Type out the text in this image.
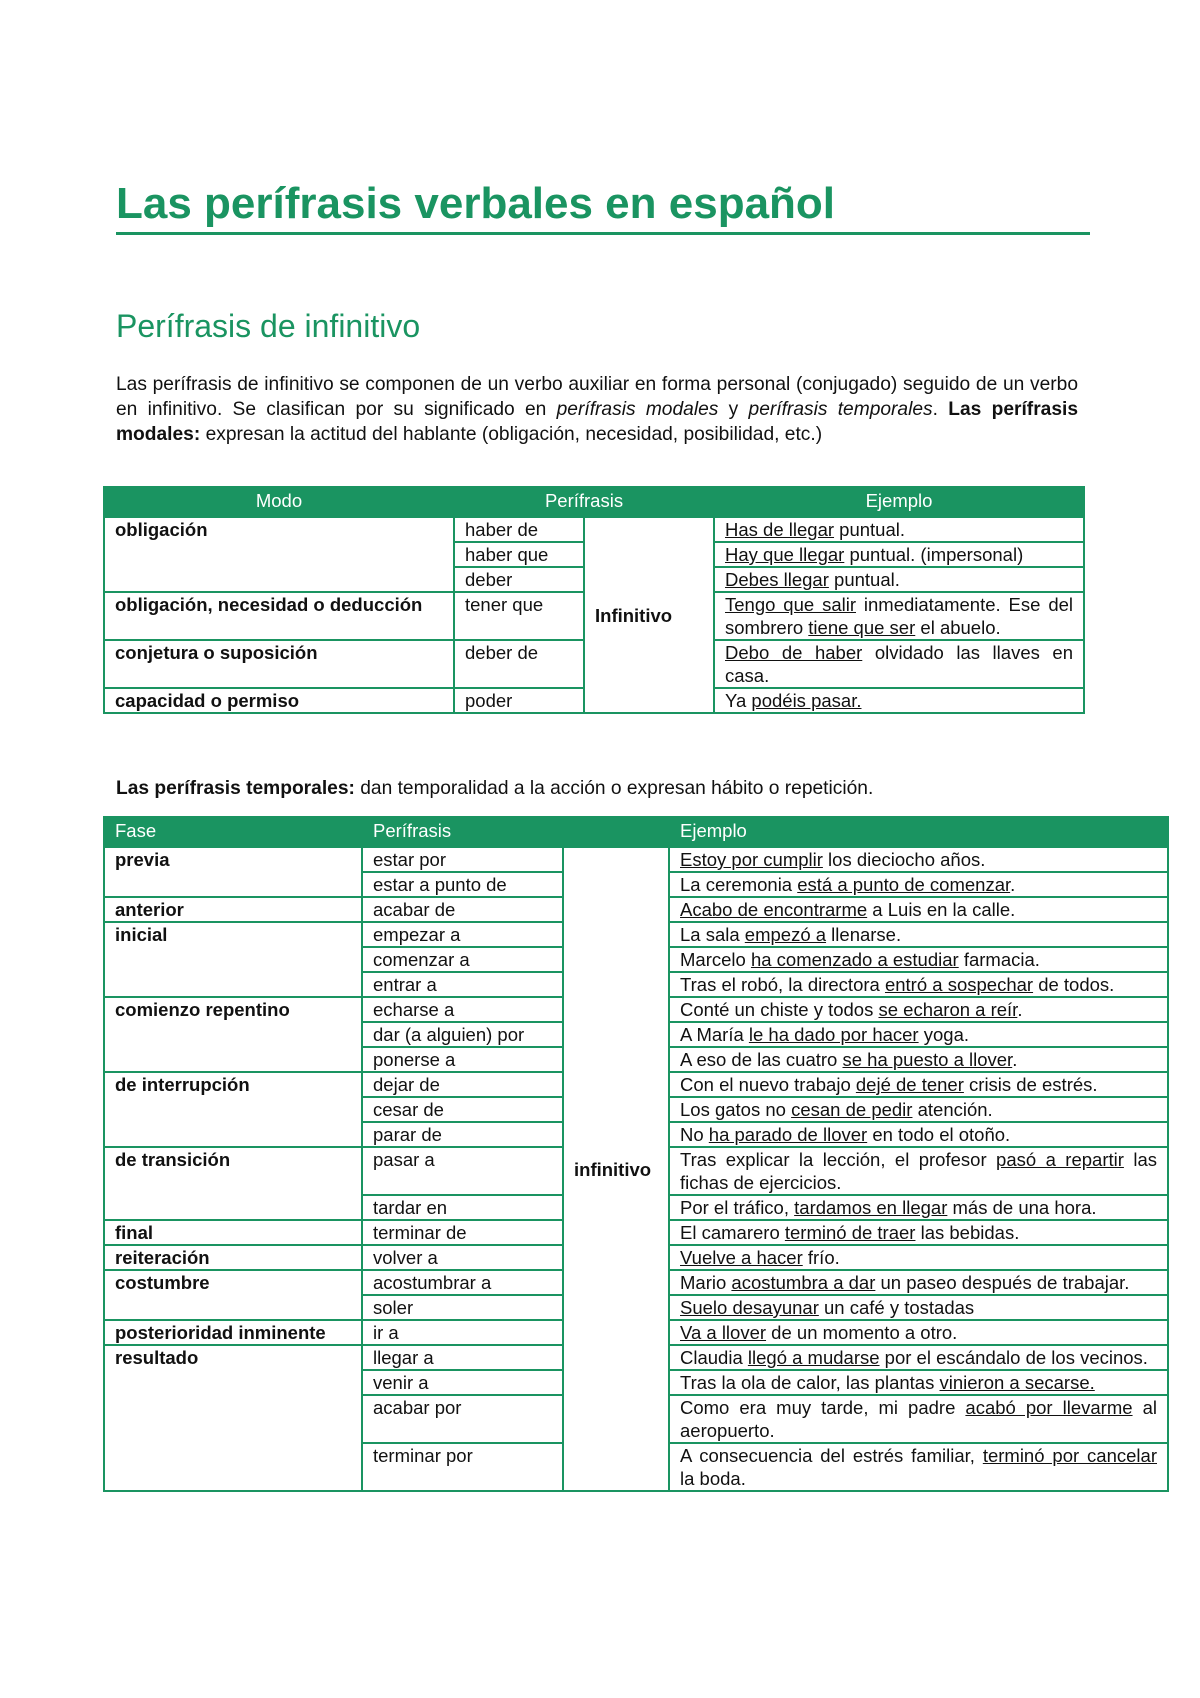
Las perífrasis verbales en español
Perífrasis de infinitivo

Las perífrasis de infinitivo se componen de un verbo auxiliar en forma personal (conjugado) seguido de un verbo en infinitivo. Se clasifican por su significado en perífrasis modales y perífrasis temporales. Las perífrasis modales: expresan la actitud del hablante (obligación, necesidad, posibilidad, etc.)

Modo	Perífrasis		Ejemplo
obligación	haber de	Infinitivo	Has de llegar puntual.
	haber que		Hay que llegar puntual. (impersonal)
	deber		Debes llegar puntual.
obligación, necesidad o deducción	tener que		Tengo que salir inmediatamente. Ese del sombrero tiene que ser el abuelo.
conjetura o suposición	deber de		Debo de haber olvidado las llaves en casa.
capacidad o permiso	poder		Ya podéis pasar.

Las perífrasis temporales: dan temporalidad a la acción o expresan hábito o repetición.

Fase	Perífrasis		Ejemplo
previa	estar por	infinitivo	Estoy por cumplir los dieciocho años.
	estar a punto de		La ceremonia está a punto de comenzar.
anterior	acabar de		Acabo de encontrarme a Luis en la calle.
inicial	empezar a		La sala empezó a llenarse.
	comenzar a		Marcelo ha comenzado a estudiar farmacia.
	entrar a		Tras el robó, la directora entró a sospechar de todos.
comienzo repentino	echarse a		Conté un chiste y todos se echaron a reír.
	dar (a alguien) por		A María le ha dado por hacer yoga.
	ponerse a		A eso de las cuatro se ha puesto a llover.
de interrupción	dejar de		Con el nuevo trabajo dejé de tener crisis de estrés.
	cesar de		Los gatos no cesan de pedir atención.
	parar de		No ha parado de llover en todo el otoño.
de transición	pasar a		Tras explicar la lección, el profesor pasó a repartir las fichas de ejercicios.
	tardar en		Por el tráfico, tardamos en llegar más de una hora.
final	terminar de		El camarero terminó de traer las bebidas.
reiteración	volver a		Vuelve a hacer frío.
costumbre	acostumbrar a		Mario acostumbra a dar un paseo después de trabajar.
	soler		Suelo desayunar un café y tostadas
posterioridad inminente	ir a		Va a llover de un momento a otro.
resultado	llegar a		Claudia llegó a mudarse por el escándalo de los vecinos.
	venir a		Tras la ola de calor, las plantas vinieron a secarse.
	acabar por		Como era muy tarde, mi padre acabó por llevarme al aeropuerto.
	terminar por		A consecuencia del estrés familiar, terminó por cancelar la boda.
